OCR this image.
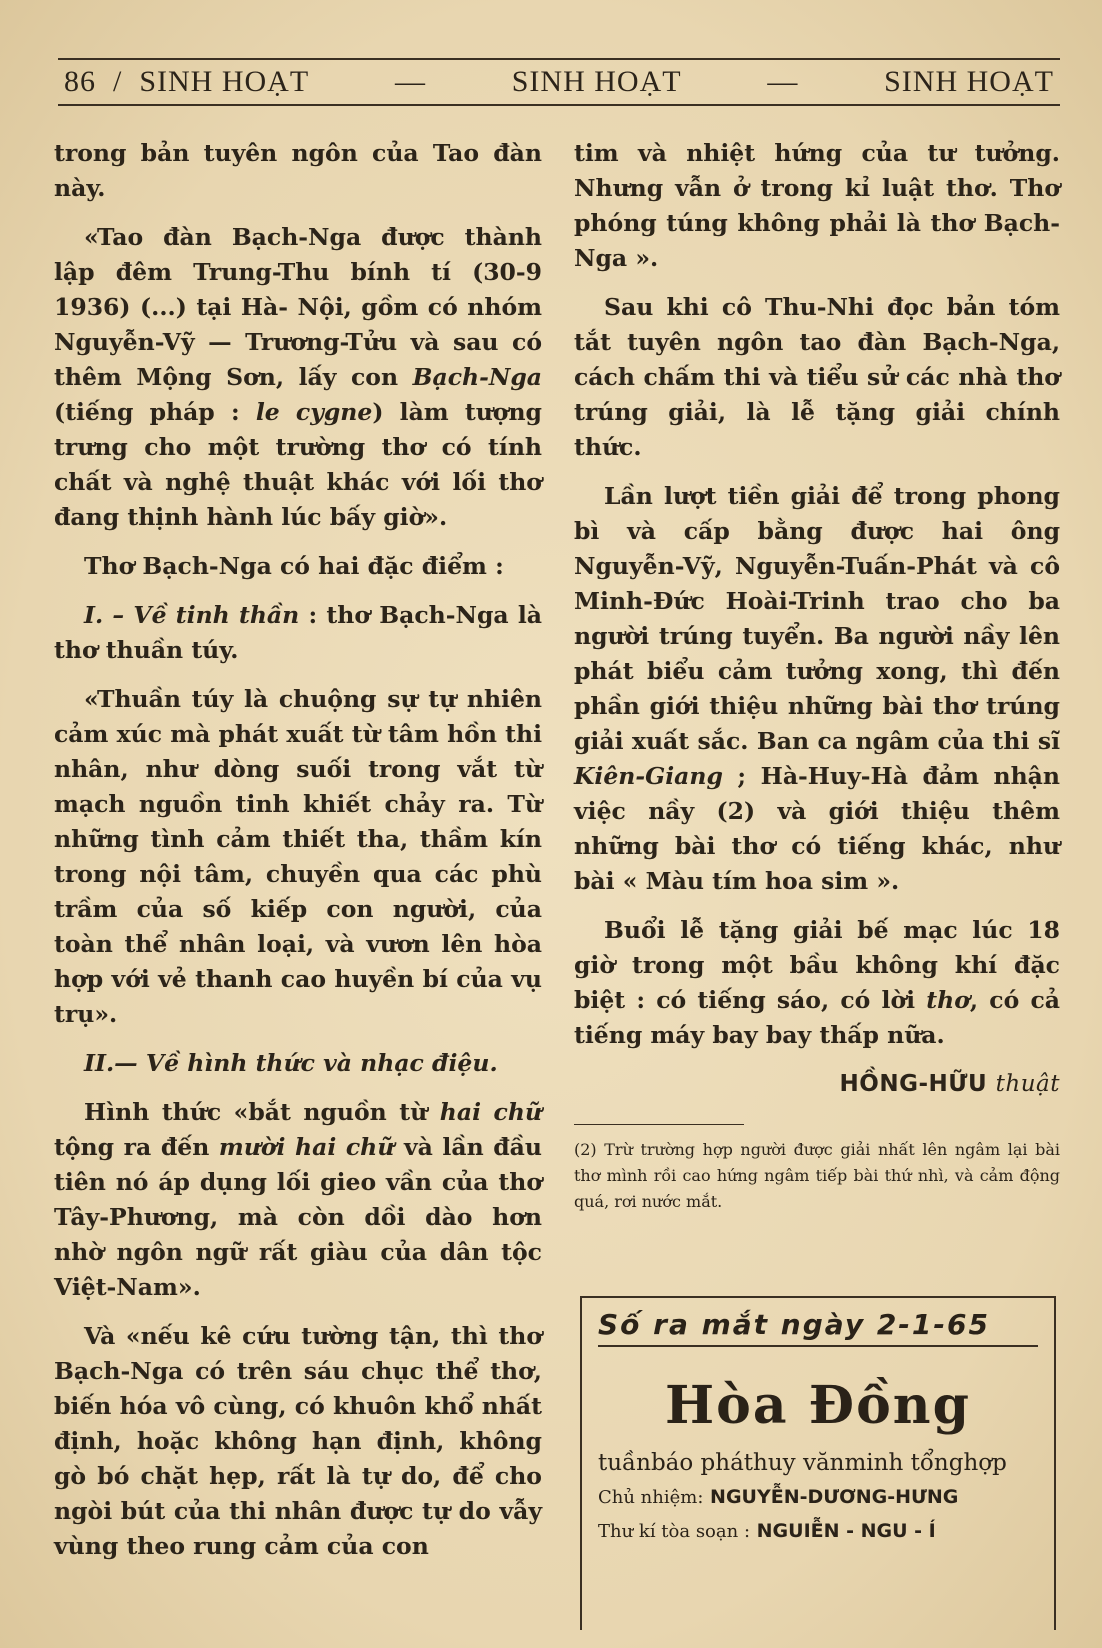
86 / SINH HOẠT	—	SINH HOẠT	—	SINH HOẠT

trong bản tuyên ngôn của Tao đàn này.

«Tao đàn Bạch-Nga được thành lập đêm Trung-Thu bính tí (30-9 1936) (...) tại Hà- Nội, gồm có nhóm Nguyễn-Vỹ — Trương-Tửu và sau có thêm Mộng Sơn, lấy con Bạch-Nga (tiếng pháp : le cygne) làm tượng trưng cho một trường thơ có tính chất và nghệ thuật khác với lối thơ đang thịnh hành lúc bấy giờ».

Thơ Bạch-Nga có hai đặc điểm :

I. – Về tinh thần : thơ Bạch-Nga là thơ thuần túy.

«Thuần túy là chuộng sự tự nhiên cảm xúc mà phát xuất từ tâm hồn thi nhân, như dòng suối trong vắt từ mạch nguồn tinh khiết chảy ra. Từ những tình cảm thiết tha, thầm kín trong nội tâm, chuyền qua các phù trầm của số kiếp con người, của toàn thể nhân loại, và vươn lên hòa hợp với vẻ thanh cao huyền bí của vụ trụ».

II.— Về hình thức và nhạc điệu.

Hình thức «bắt nguồn từ hai chữ tộng ra đến mười hai chữ và lần đầu tiên nó áp dụng lối gieo vần của thơ Tây-Phương, mà còn dồi dào hơn nhờ ngôn ngữ rất giàu của dân tộc Việt-Nam».

Và «nếu kê cứu tường tận, thì thơ Bạch-Nga có trên sáu chục thể thơ, biến hóa vô cùng, có khuôn khổ nhất định, hoặc không hạn định, không gò bó chặt hẹp, rất là tự do, để cho ngòi bút của thi nhân được tự do vẫy vùng theo rung cảm của con

tim và nhiệt hứng của tư tưởng. Nhưng vẫn ở trong kỉ luật thơ. Thơ phóng túng không phải là thơ Bạch-Nga ».

Sau khi cô Thu-Nhi đọc bản tóm tắt tuyên ngôn tao đàn Bạch-Nga, cách chấm thi và tiểu sử các nhà thơ trúng giải, là lễ tặng giải chính thức.

Lần lượt tiền giải để trong phong bì và cấp bằng được hai ông Nguyễn-Vỹ, Nguyễn-Tuấn-Phát và cô Minh-Đức Hoài-Trinh trao cho ba người trúng tuyển. Ba người nầy lên phát biểu cảm tưởng xong, thì đến phần giới thiệu những bài thơ trúng giải xuất sắc. Ban ca ngâm của thi sĩ Kiên-Giang ; Hà-Huy-Hà đảm nhận việc nầy (2) và giới thiệu thêm những bài thơ có tiếng khác, như bài « Màu tím hoa sim ».

Buổi lễ tặng giải bế mạc lúc 18 giờ trong một bầu không khí đặc biệt : có tiếng sáo, có lời thơ, có cả tiếng máy bay bay thấp nữa.

HỒNG-HỮU thuật
(2) Trừ trường hợp người được giải nhất lên ngâm lại bài thơ mình rồi cao hứng ngâm tiếp bài thứ nhì, và cảm động quá, rơi nước mắt.
Số ra mắt ngày 2-1-65
Hòa Đồng
tuầnbáo pháthuy vănminh tổnghợp
Chủ nhiệm: NGUYỄN-DƯƠNG-HƯNG
Thư kí tòa soạn : NGUIỄN - NGU - Í
